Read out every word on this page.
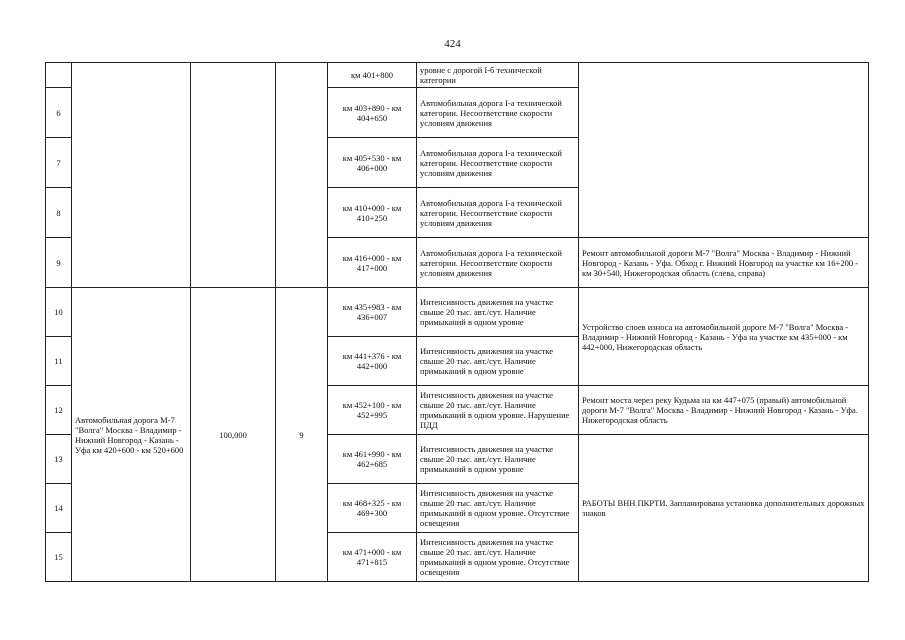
424
				км 401+800	уровне с дорогой I-б технической категории	
6				км 403+890 - км 404+650	Автомобильная дорога I-а технической категории. Несоответствие скорости условиям движения	
7				км 405+530 - км 406+000	Автомобильная дорога I-а технической категории. Несоответствие скорости условиям движения	
8				км 410+000 - км 410+250	Автомобильная дорога I-а технической категории. Несоответствие скорости условиям движения	
9				км 416+000 - км 417+000	Автомобильная дорога I-а технической категории. Несоответствие скорости условиям движения	Ремонт автомобильной дороги М-7 "Волга" Москва - Владимир - Нижний Новгород - Казань - Уфа. Обход г. Нижний Новгород на участке км 16+200 - км 30+540, Нижегородская область (слева, справа)
10	Автомобильная дорога М-7 "Волга" Москва - Владимир - Нижний Новгород - Казань - Уфа км 420+600 - км 520+600	100,000	9	км 435+983 - км 436+007	Интенсивность движения на участке свыше 20 тыс. авт./сут. Наличие примыканий в одном уровне	Устройство слоев износа на автомобильной дороге М-7 "Волга" Москва - Владимир - Нижний Новгород - Казань - Уфа на участке км 435+000 - км 442+000, Нижегородская область
11				км 441+376 - км 442+000	Интенсивность движения на участке свыше 20 тыс. авт./сут. Наличие примыканий в одном уровне	
12				км 452+100 - км 452+995	Интенсивность движения на участке свыше 20 тыс. авт./сут. Наличие примыканий в одном уровне. Нарушение ПДД	Ремонт моста через реку Кудьма на км 447+075 (правый) автомобильной дороги М-7 "Волга" Москва - Владимир - Нижний Новгород - Казань - Уфа. Нижегородская область
13				км 461+990 - км 462+685	Интенсивность движения на участке свыше 20 тыс. авт./сут. Наличие примыканий в одном уровне	РАБОТЫ ВНН ПКРТИ. Запланирована установка дополнительных дорожных знаков
14				км 468+325 - км 469+300	Интенсивность движения на участке свыше 20 тыс. авт./сут. Наличие примыканий в одном уровне. Отсутствие освещения	
15				км 471+000 - км 471+815	Интенсивность движения на участке свыше 20 тыс. авт./сут. Наличие примыканий в одном уровне. Отсутствие освещения	
